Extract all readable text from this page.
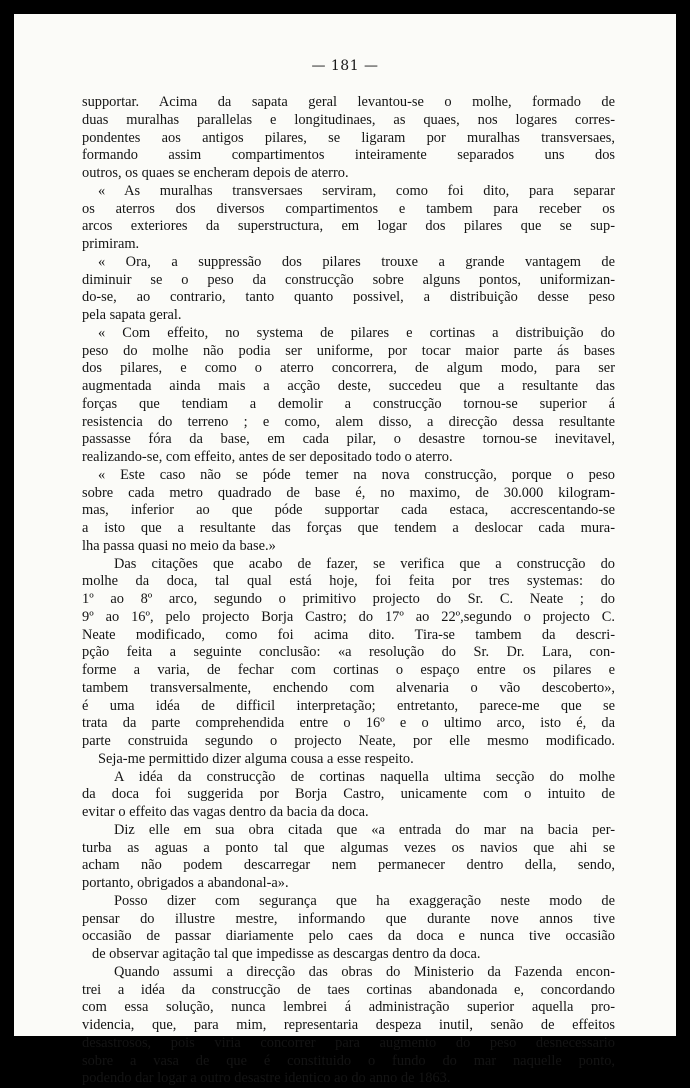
— 181 —
supportar. Acima da sapata geral levantou-se o molhe, formado de
duas muralhas parallelas e longitudinaes, as quaes, nos logares corres-
pondentes aos antigos pilares, se ligaram por muralhas transversaes,
formando assim compartimentos inteiramente separados uns dos
outros, os quaes se encheram depois de aterro.
« As muralhas transversaes serviram, como foi dito, para separar
os aterros dos diversos compartimentos e tambem para receber os
arcos exteriores da superstructura, em logar dos pilares que se sup-
primiram.
« Ora, a suppressão dos pilares trouxe a grande vantagem de
diminuir se o peso da construcção sobre alguns pontos, uniformizan-
do-se, ao contrario, tanto quanto possivel, a distribuição desse peso
pela sapata geral.
« Com effeito, no systema de pilares e cortinas a distribuição do
peso do molhe não podia ser uniforme, por tocar maior parte ás bases
dos pilares, e como o aterro concorrera, de algum modo, para ser
augmentada ainda mais a acção deste, succedeu que a resultante das
forças que tendiam a demolir a construcção tornou-se superior á
resistencia do terreno ; e como, alem disso, a direcção dessa resultante
passasse fóra da base, em cada pilar, o desastre tornou-se inevitavel,
realizando-se, com effeito, antes de ser depositado todo o aterro.
« Este caso não se póde temer na nova construcção, porque o peso
sobre cada metro quadrado de base é, no maximo, de 30.000 kilogram-
mas, inferior ao que póde supportar cada estaca, accrescentando-se
a isto que a resultante das forças que tendem a deslocar cada mura-
lha passa quasi no meio da base.»
Das citações que acabo de fazer, se verifica que a construcção do
molhe da doca, tal qual está hoje, foi feita por tres systemas: do
1º ao 8º arco, segundo o primitivo projecto do Sr. C. Neate ; do
9º ao 16º, pelo projecto Borja Castro; do 17º ao 22º,segundo o projecto C.
Neate modificado, como foi acima dito. Tira-se tambem da descri-
pção feita a seguinte conclusão: «a resolução do Sr. Dr. Lara, con-
forme a varia, de fechar com cortinas o espaço entre os pilares e
tambem transversalmente, enchendo com alvenaria o vão descoberto»,
é uma idéa de difficil interpretação; entretanto, parece-me que se
trata da parte comprehendida entre o 16º e o ultimo arco, isto é, da
parte construida segundo o projecto Neate, por elle mesmo modificado.
Seja-me permittido dizer alguma cousa a esse respeito.
A idéa da construcção de cortinas naquella ultima secção do molhe
da doca foi suggerida por Borja Castro, unicamente com o intuito de
evitar o effeito das vagas dentro da bacia da doca.
Diz elle em sua obra citada que «a entrada do mar na bacia per-
turba as aguas a ponto tal que algumas vezes os navios que ahi se
acham não podem descarregar nem permanecer dentro della, sendo,
portanto, obrigados a abandonal-a».
Posso dizer com segurança que ha exaggeração neste modo de
pensar do illustre mestre, informando que durante nove annos tive
occasião de passar diariamente pelo caes da doca e nunca tive occasião
de observar agitação tal que impedisse as descargas dentro da doca.
Quando assumi a direcção das obras do Ministerio da Fazenda encon-
trei a idéa da construcção de taes cortinas abandonada e, concordando
com essa solução, nunca lembrei á administração superior aquella pro-
videncia, que, para mim, representaria despeza inutil, senão de effeitos
desastrosos, pois viria concorrer para augmento do peso desnecessario
sobre a vasa de que é constituido o fundo do mar naquelle ponto,
podendo dar logar a outro desastre identico ao do anno de 1863.
